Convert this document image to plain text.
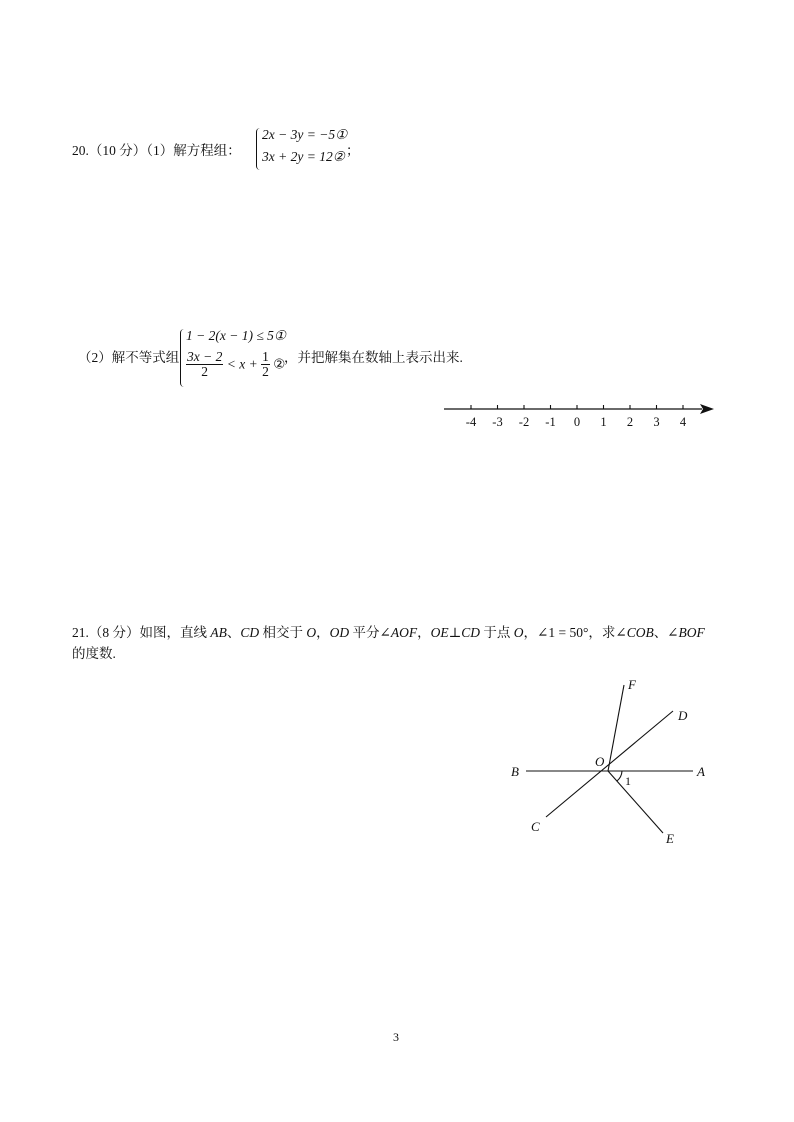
20.（10 分）（1）解方程组：
2x − 3y = −5①
3x + 2y = 12② ；
（2）解不等式组
1 − 2(x − 1) ≤ 5①
$\frac{3x - 2}{2} < x + \frac{1}{2}$ ②
，并把解集在数轴上表示出来.
-4 -3 -2 -1 0 1 2 3 4
21.（8 分）如图，直线 AB、CD 相交于 O，OD 平分∠AOF，OE⊥CD 于点 O，∠1 = 50°，求∠COB、∠BOF
的度数.
F
D
O
A
B
C
E
1
3
